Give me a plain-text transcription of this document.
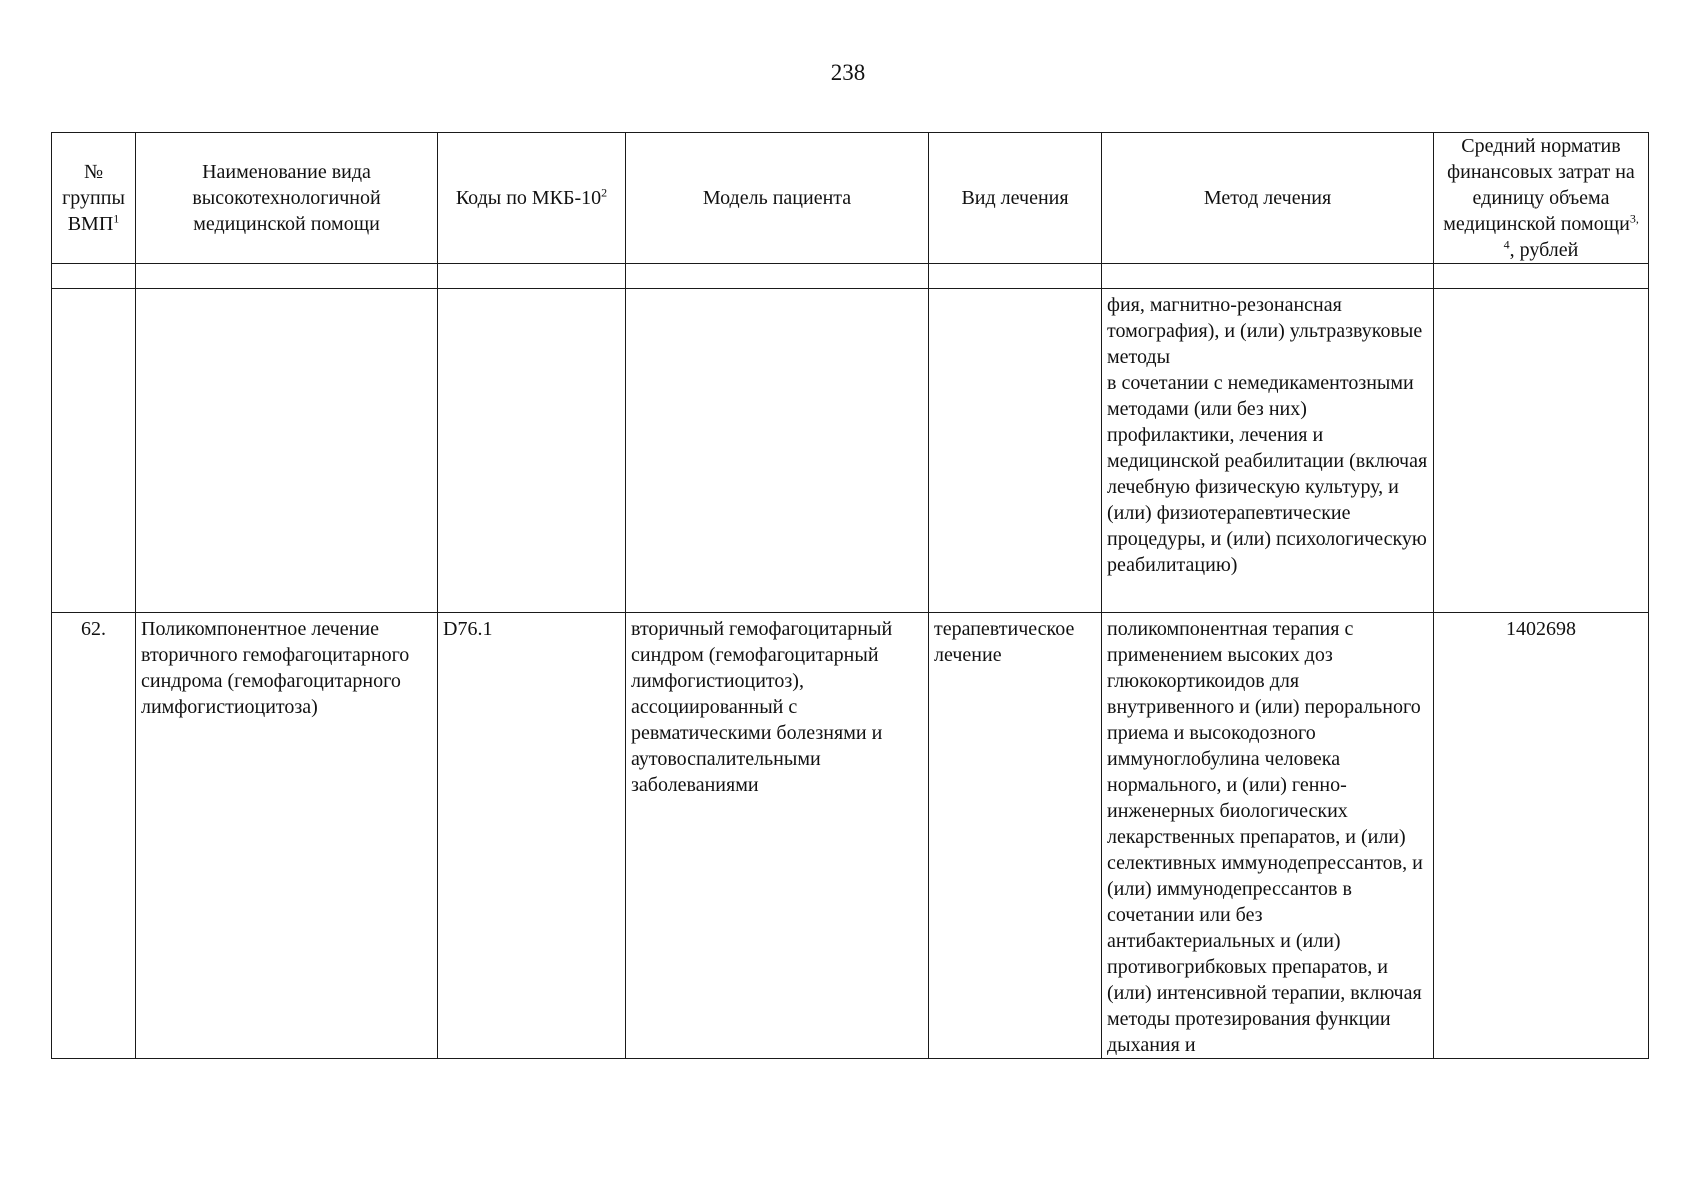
238
№ группы ВМП$^1$	Наименование вида высокотехнологичной медицинской помощи	Коды по МКБ-$10^2$	Модель пациента	Вид лечения	Метод лечения	Средний норматив финансовых затрат на единицу объема медицинской помощи$^{3, 4}$, рублей

					фия, магнитно-резонансная томография), и (или) ультразвуковые методы
в сочетании с немедикаментозными методами (или без них) профилактики, лечения и медицинской реабилитации (включая лечебную физическую культуру, и (или) физиотерапевтические процедуры, и (или) психологическую реабилитацию)	

62.	Поликомпонентное лечение вторичного гемофагоцитарного синдрома (гемофагоцитарного лимфогистиоцитоза)	D76.1	вторичный гемофагоцитарный синдром (гемофагоцитарный лимфогистиоцитоз), ассоциированный с ревматическими болезнями и аутовоспалительными заболеваниями	терапевтическое лечение	поликомпонентная терапия с применением высоких доз глюкокортикоидов для внутривенного и (или) перорального приема и высокодозного иммуноглобулина человека нормального, и (или) генно-инженерных биологических лекарственных препаратов, и (или) селективных иммунодепрессантов, и (или) иммунодепрессантов в сочетании или без антибактериальных и (или) противогрибковых препаратов, и (или) интенсивной терапии, включая методы протезирования функции дыхания и	1402698
